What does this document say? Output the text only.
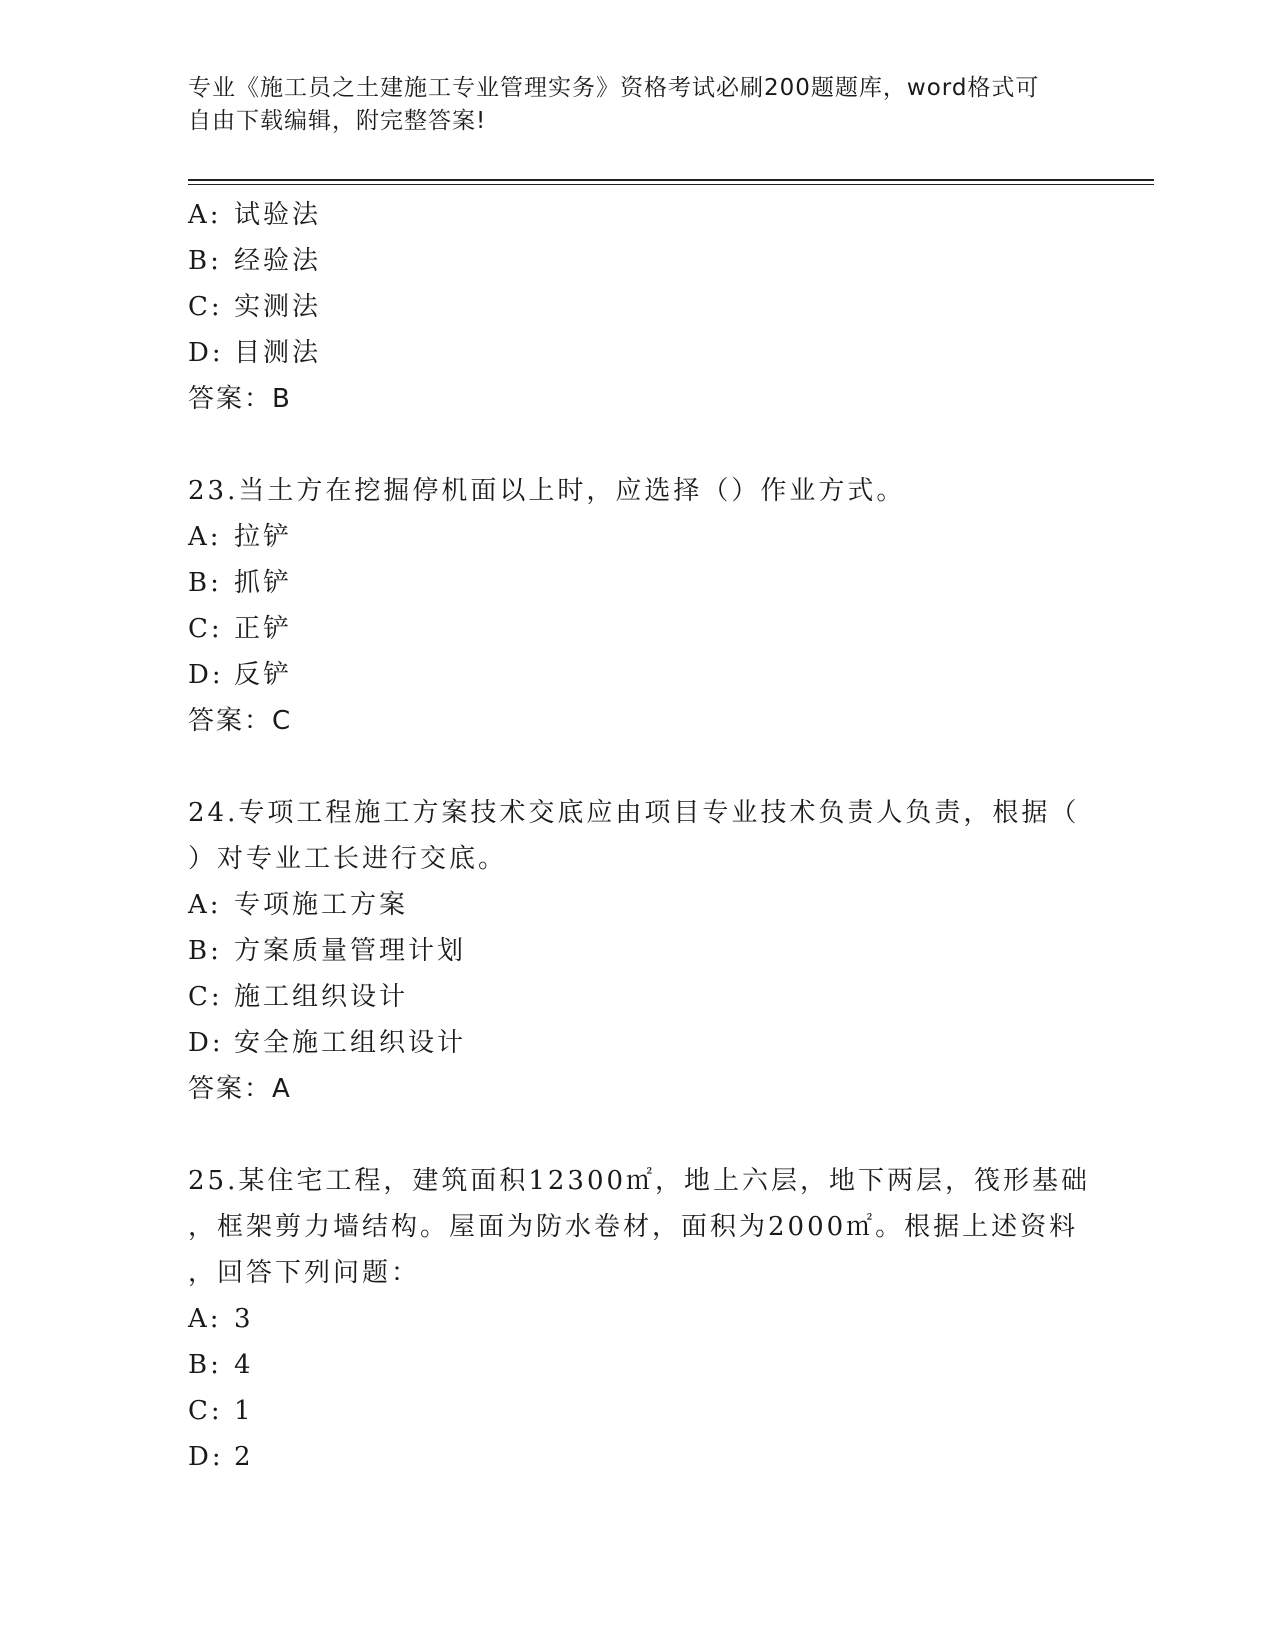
专业《施工员之土建施工专业管理实务》资格考试必刷200题题库，word格式可
自由下载编辑，附完整答案!
A: 试验法
B: 经验法
C: 实测法
D: 目测法
答案：B
23.当土方在挖掘停机面以上时，应选择（）作业方式。
A: 拉铲
B: 抓铲
C: 正铲
D: 反铲
答案：C
24.专项工程施工方案技术交底应由项目专业技术负责人负责，根据（
）对专业工长进行交底。
A: 专项施工方案
B: 方案质量管理计划
C: 施工组织设计
D: 安全施工组织设计
答案：A
25.某住宅工程，建筑面积12300㎡，地上六层，地下两层，筏形基础
，框架剪力墙结构。屋面为防水卷材，面积为2000㎡。根据上述资料
，回答下列问题：
A: 3
B: 4
C: 1
D: 2
